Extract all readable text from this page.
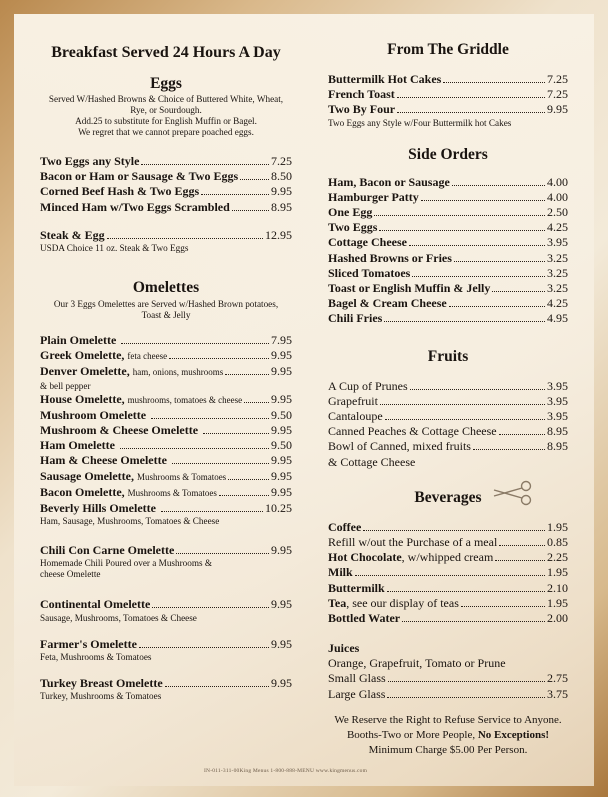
Breakfast Served 24 Hours A Day

Eggs

Served W/Hashed Browns & Choice of Buttered White, Wheat,

Rye, or Sourdough.

Add.25 to substitute for English Muffin or Bagel.

We regret that we cannot prepare poached eggs.

Two Eggs any Style	7.25
Bacon or Ham or Sausage & Two Eggs	8.50
Corned Beef Hash & Two Eggs	9.95
Minced Ham w/Two Eggs Scrambled	8.95
Steak & Egg	12.95

USDA Choice 11 oz. Steak & Two Eggs

Omelettes

Our 3 Eggs Omelettes are Served w/Hashed Brown potatoes,

Toast & Jelly

Plain Omelette	7.95
Greek Omelette, feta cheese	9.95
Denver Omelette, ham, onions, mushrooms	9.95

& bell pepper

House Omelette, mushrooms, tomatoes & cheese 9.95
Mushroom Omelette	9.50
Mushroom & Cheese Omelette	9.95
Ham Omelette	9.50
Ham & Cheese Omelette	9.95
Sausage Omelette, Mushrooms & Tomatoes	9.95
Bacon Omelette, Mushrooms & Tomatoes	9.95
Beverly Hills Omelette	10.25

Ham, Sausage, Mushrooms, Tomatoes & Cheese

Chili Con Carne Omelette	9.95

Homemade Chili Poured over a Mushrooms &

cheese Omelette

Continental Omelette	9.95

Sausage, Mushrooms, Tomatoes & Cheese

Farmer's Omelette	9.95

Feta, Mushrooms & Tomatoes

Turkey Breast Omelette	9.95

Turkey, Mushrooms & Tomatoes

From The Griddle

Buttermilk Hot Cakes	7.25
French Toast	7.25
Two By Four	9.95

Two Eggs any Style w/Four Buttermilk hot Cakes

Side Orders

Ham, Bacon or Sausage	4.00
Hamburger Patty	4.00
One Egg	2.50
Two Eggs	4.25
Cottage Cheese	3.95
Hashed Browns or Fries	3.25
Sliced Tomatoes	3.25
Toast or English Muffin & Jelly	3.25
Bagel & Cream Cheese	4.25
Chili Fries	4.95

Fruits

A Cup of Prunes	3.95
Grapefruit	3.95
Cantaloupe	3.95
Canned Peaches & Cottage Cheese	8.95
Bowl of Canned, mixed fruits	8.95

& Cottage Cheese

Beverages

Coffee	1.95
Refill w/out the Purchase of a meal	0.85
Hot Chocolate , w/whipped cream	2.25
Milk	1.95
Buttermilk	2.10
Tea , see our display of teas	1.95
Bottled Water	2.00

Juices

Orange, Grapefruit, Tomato or Prune

Small Glass	2.75
Large Glass	3.75

We Reserve the Right to Refuse Service to Anyone.

Booths-Two or More People, No Exceptions!

Minimum Charge $5.00 Per Person.

IN-011-311-00King Menus 1-800-888-MENU www.kingmenus.com
